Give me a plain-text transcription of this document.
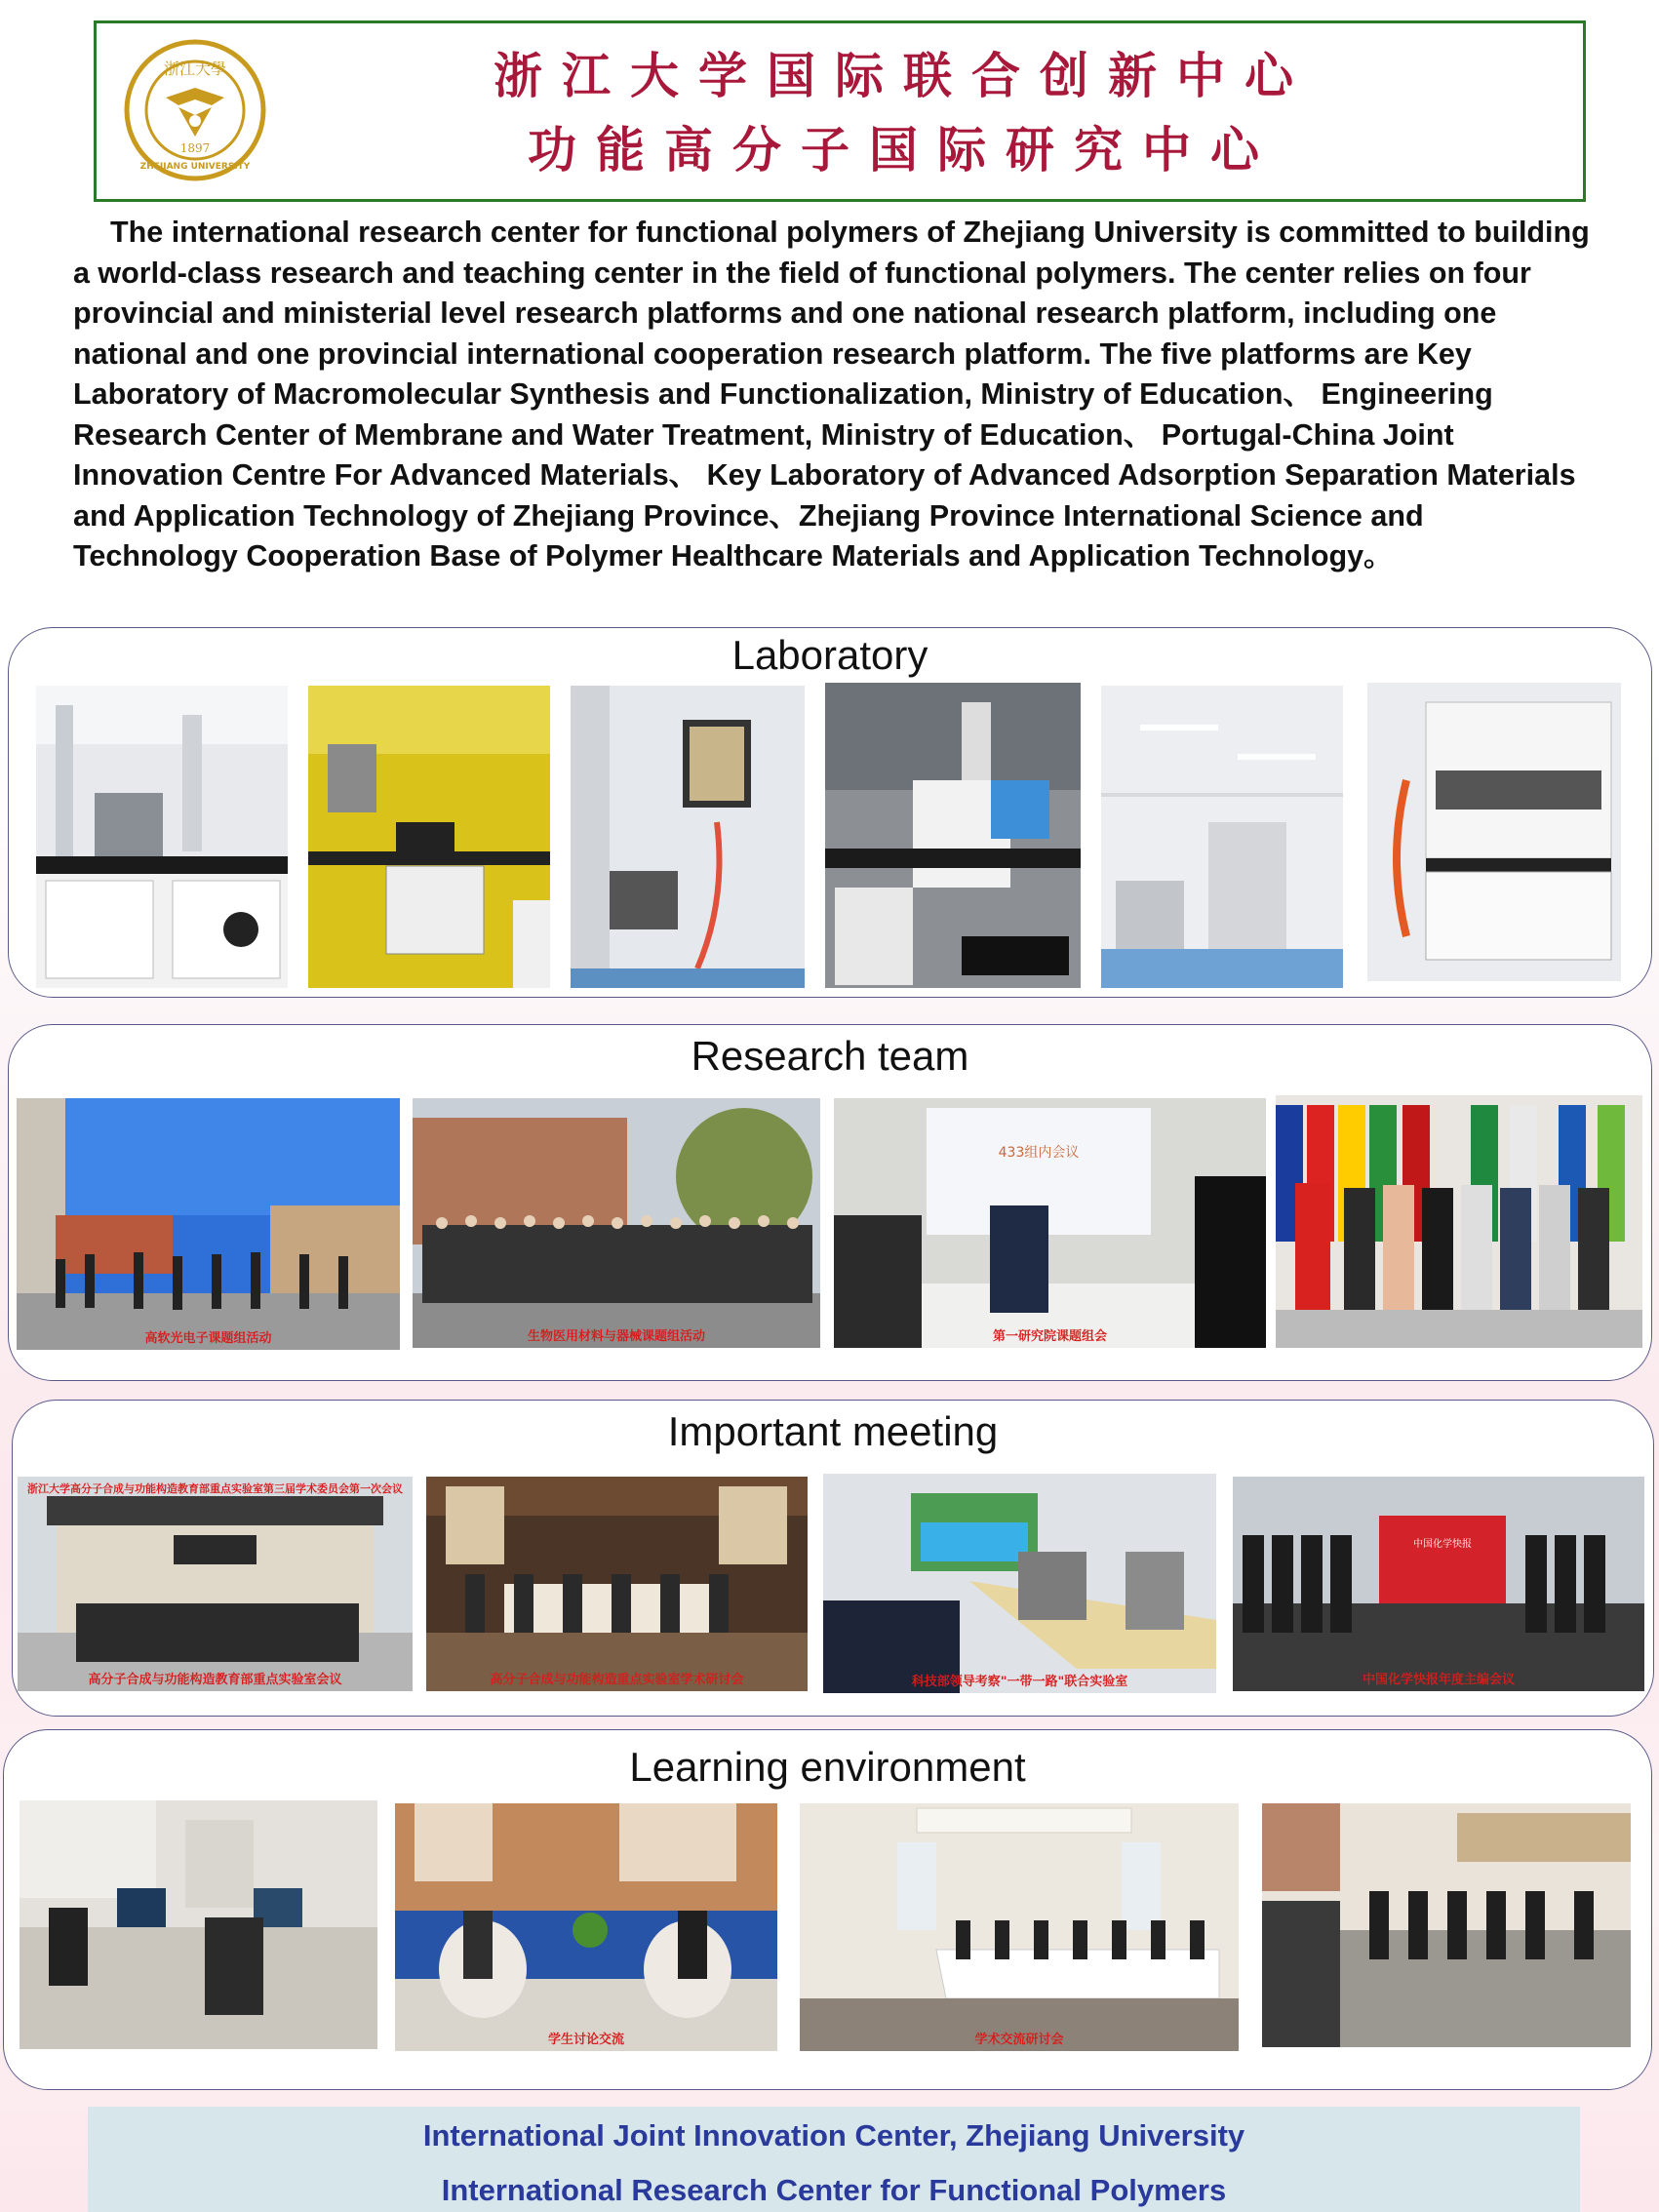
浙江大學
1897
ZHEJIANG UNIVERSITY
浙江大学国际联合创新中心
功能高分子国际研究中心

The international research center for functional polymers of Zhejiang University is committed to building a world-class research and teaching center in the field of functional polymers. The center relies on four provincial and ministerial level research platforms and one national research platform, including one national and one provincial international cooperation research platform. The five platforms are Key Laboratory of Macromolecular Synthesis and Functionalization, Ministry of Education、 Engineering Research Center of Membrane and Water Treatment, Ministry of Education、 Portugal-China Joint Innovation Centre For Advanced Materials、 Key Laboratory of Advanced Adsorption Separation Materials and Application Technology of Zhejiang Province、Zhejiang Province International Science and Technology Cooperation Base of Polymer Healthcare Materials and Application Technology。

Laboratory
Research team
高软光电子课题组活动	生物医用材料与器械课题组活动
433组内会议
第一研究院课题组会
Important meeting
浙江大学高分子合成与功能构造教育部重点实验室第三届学术委员会第一次会议
高分子合成与功能构造教育部重点实验室会议	高分子合成与功能构造重点实验室学术研讨会	科技部领导考察"一带一路"联合实验室
中国化学快报
中国化学快报年度主编会议
Learning environment
学生讨论交流	学术交流研讨会

International Joint Innovation Center, Zhejiang University

International Research Center for Functional Polymers
